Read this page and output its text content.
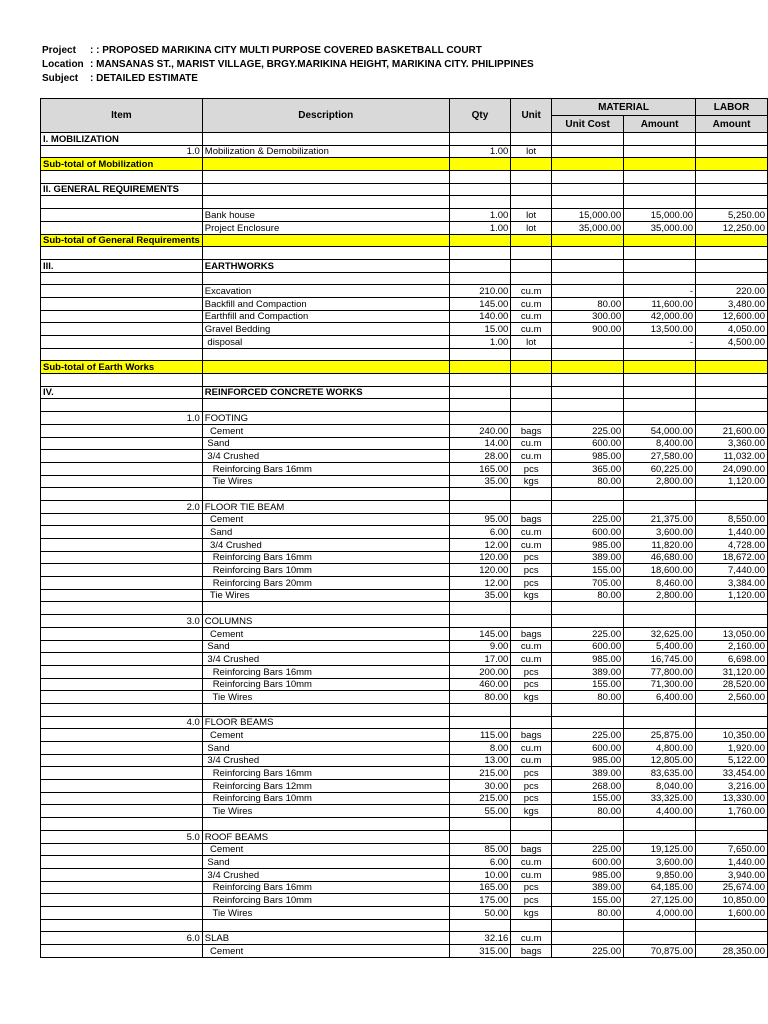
Project : : PROPOSED MARIKINA CITY MULTI PURPOSE COVERED BASKETBALL COURT
Location : MANSANAS ST., MARIST VILLAGE, BRGY.MARIKINA HEIGHT, MARIKINA CITY. PHILIPPINES
Subject : DETAILED ESTIMATE
Item	Description	Qty	Unit	MATERIAL		LABOR
				Unit Cost	Amount	Amount
I. MOBILIZATION						
1.0	Mobilization & Demobilization	1.00	lot			
Sub-total of Mobilization						

II. GENERAL REQUIREMENTS						

	Bank house	1.00	lot	15,000.00	15,000.00	5,250.00
	Project Enclosure	1.00	lot	35,000.00	35,000.00	12,250.00
Sub-total of General Requirements						

III.	EARTHWORKS					

	Excavation	210.00	cu.m		-	220.00
	Backfill and Compaction	145.00	cu.m	80.00	11,600.00	3,480.00
	Earthfill and Compaction	140.00	cu.m	300.00	42,000.00	12,600.00
	Gravel Bedding	15.00	cu.m	900.00	13,500.00	4,050.00
	disposal	1.00	lot		-	4,500.00

Sub-total of Earth Works						

IV.	REINFORCED CONCRETE WORKS					

1.0	FOOTING					
	Cement	240.00	bags	225.00	54,000.00	21,600.00
	Sand	14.00	cu.m	600.00	8,400.00	3,360.00
	3/4 Crushed	28.00	cu.m	985.00	27,580.00	11,032.00
	Reinforcing Bars 16mm	165.00	pcs	365.00	60,225.00	24,090.00
	Tie Wires	35.00	kgs	80.00	2,800.00	1,120.00

2.0	FLOOR TIE BEAM					
	Cement	95.00	bags	225.00	21,375.00	8,550.00
	Sand	6.00	cu.m	600.00	3,600.00	1,440.00
	3/4 Crushed	12.00	cu.m	985.00	11,820.00	4,728.00
	Reinforcing Bars 16mm	120.00	pcs	389.00	46,680.00	18,672.00
	Reinforcing Bars 10mm	120.00	pcs	155.00	18,600.00	7,440.00
	Reinforcing Bars 20mm	12.00	pcs	705.00	8,460.00	3,384.00
	Tie Wires	35.00	kgs	80.00	2,800.00	1,120.00

3.0	COLUMNS					
	Cement	145.00	bags	225.00	32,625.00	13,050.00
	Sand	9.00	cu.m	600.00	5,400.00	2,160.00
	3/4 Crushed	17.00	cu.m	985.00	16,745.00	6,698.00
	Reinforcing Bars 16mm	200.00	pcs	389.00	77,800.00	31,120.00
	Reinforcing Bars 10mm	460.00	pcs	155.00	71,300.00	28,520.00
	Tie Wires	80.00	kgs	80.00	6,400.00	2,560.00

4.0	FLOOR BEAMS					
	Cement	115.00	bags	225.00	25,875.00	10,350.00
	Sand	8.00	cu.m	600.00	4,800.00	1,920.00
	3/4 Crushed	13.00	cu.m	985.00	12,805.00	5,122.00
	Reinforcing Bars 16mm	215.00	pcs	389.00	83,635.00	33,454.00
	Reinforcing Bars 12mm	30.00	pcs	268.00	8,040.00	3,216.00
	Reinforcing Bars 10mm	215.00	pcs	155.00	33,325.00	13,330.00
	Tie Wires	55.00	kgs	80.00	4,400.00	1,760.00

5.0	ROOF BEAMS					
	Cement	85.00	bags	225.00	19,125.00	7,650.00
	Sand	6.00	cu.m	600.00	3,600.00	1,440.00
	3/4 Crushed	10.00	cu.m	985.00	9,850.00	3,940.00
	Reinforcing Bars 16mm	165.00	pcs	389.00	64,185.00	25,674.00
	Reinforcing Bars 10mm	175.00	pcs	155.00	27,125.00	10,850.00
	Tie Wires	50.00	kgs	80.00	4,000.00	1,600.00

6.0	SLAB	32.16	cu.m			
	Cement	315.00	bags	225.00	70,875.00	28,350.00
